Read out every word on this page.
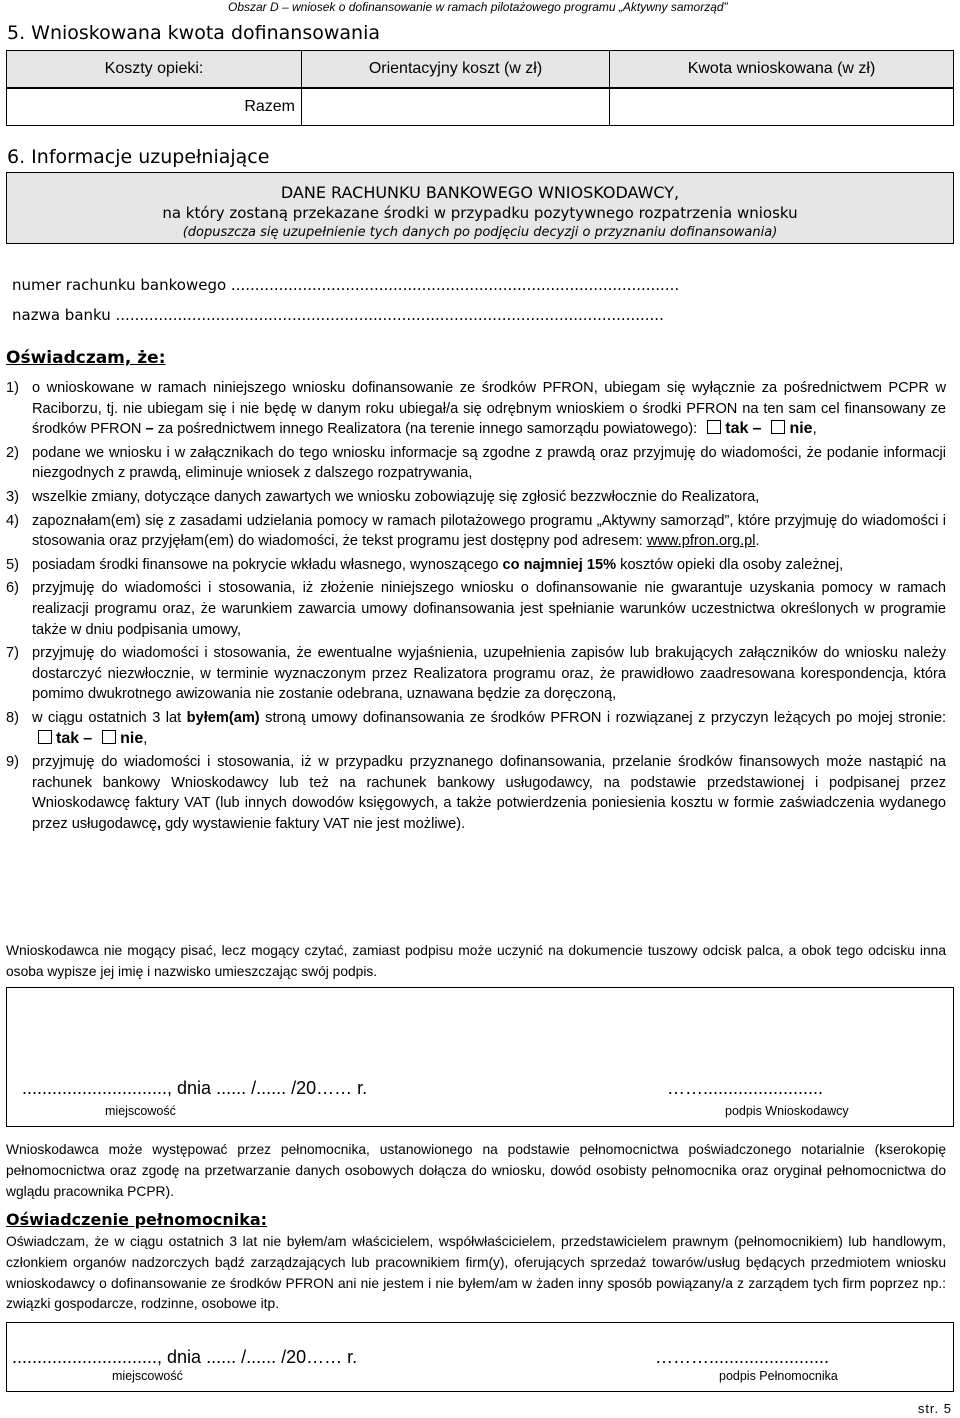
Obszar D – wniosek o dofinansowanie w ramach pilotażowego programu „Aktywny samorząd”
5. Wnioskowana kwota dofinansowania
Koszty opieki:	Orientacyjny koszt (w zł)	Kwota wnioskowana (w zł)
Razem		
6. Informacje uzupełniające
DANE RACHUNKU BANKOWEGO WNIOSKODAWCY,
na który zostaną przekazane środki w przypadku pozytywnego rozpatrzenia wniosku
(dopuszcza się uzupełnienie tych danych po podjęciu decyzji o przyznaniu dofinansowania)
numer rachunku bankowego ..............................................................................................
nazwa banku ...................................................................................................................
Oświadczam, że:
1) o wnioskowane w ramach niniejszego wniosku dofinansowanie ze środków PFRON, ubiegam się wyłącznie za pośrednictwem PCPR w Raciborzu, tj. nie ubiegam się i nie będę w danym roku ubiegał/a się odrębnym wnioskiem o środki PFRON na ten sam cel finansowany ze środków PFRON – za pośrednictwem innego Realizatora (na terenie innego samorządu powiatowego): tak – nie,
2) podane we wniosku i w załącznikach do tego wniosku informacje są zgodne z prawdą oraz przyjmuję do wiadomości, że podanie informacji niezgodnych z prawdą, eliminuje wniosek z dalszego rozpatrywania,
3) wszelkie zmiany, dotyczące danych zawartych we wniosku zobowiązuję się zgłosić bezzwłocznie do Realizatora,
4) zapoznałam(em) się z zasadami udzielania pomocy w ramach pilotażowego programu „Aktywny samorząd”, które przyjmuję do wiadomości i stosowania oraz przyjęłam(em) do wiadomości, że tekst programu jest dostępny pod adresem: www.pfron.org.pl.
5) posiadam środki finansowe na pokrycie wkładu własnego, wynoszącego co najmniej 15% kosztów opieki dla osoby zależnej,
6) przyjmuję do wiadomości i stosowania, iż złożenie niniejszego wniosku o dofinansowanie nie gwarantuje uzyskania pomocy w ramach realizacji programu oraz, że warunkiem zawarcia umowy dofinansowania jest spełnianie warunków uczestnictwa określonych w programie także w dniu podpisania umowy,
7) przyjmuję do wiadomości i stosowania, że ewentualne wyjaśnienia, uzupełnienia zapisów lub brakujących załączników do wniosku należy dostarczyć niezwłocznie, w terminie wyznaczonym przez Realizatora programu oraz, że prawidłowo zaadresowana korespondencja, która pomimo dwukrotnego awizowania nie zostanie odebrana, uznawana będzie za doręczoną,
8) w ciągu ostatnich 3 lat byłem(am) stroną umowy dofinansowania ze środków PFRON i rozwiązanej z przyczyn leżących po mojej stronie: tak – nie,
9) przyjmuję do wiadomości i stosowania, iż w przypadku przyznanego dofinansowania, przelanie środków finansowych może nastąpić na rachunek bankowy Wnioskodawcy lub też na rachunek bankowy usługodawcy, na podstawie przedstawionej i podpisanej przez Wnioskodawcę faktury VAT (lub innych dowodów księgowych, a także potwierdzenia poniesienia kosztu w formie zaświadczenia wydanego przez usługodawcę, gdy wystawienie faktury VAT nie jest możliwe).
Wnioskodawca nie mogący pisać, lecz mogący czytać, zamiast podpisu może uczynić na dokumencie tuszowy odcisk palca, a obok tego odcisku inna osoba wypisze jej imię i nazwisko umieszczając swój podpis.
............................., dnia ...... /...... /20…… r.	……........................
miejscowość	podpis Wnioskodawcy
Wnioskodawca może występować przez pełnomocnika, ustanowionego na podstawie pełnomocnictwa poświadczonego notarialnie (kserokopię pełnomocnictwa oraz zgodę na przetwarzanie danych osobowych dołącza do wniosku, dowód osobisty pełnomocnika oraz oryginał pełnomocnictwa do wglądu pracownika PCPR).
Oświadczenie pełnomocnika:
Oświadczam, że w ciągu ostatnich 3 lat nie byłem/am właścicielem, współwłaścicielem, przedstawicielem prawnym (pełnomocnikiem) lub handlowym, członkiem organów nadzorczych bądź zarządzających lub pracownikiem firm(y), oferujących sprzedaż towarów/usług będących przedmiotem wniosku wnioskodawcy o dofinansowanie ze środków PFRON ani nie jestem i nie byłem/am w żaden inny sposób powiązany/a z zarządem tych firm poprzez np.: związki gospodarcze, rodzinne, osobowe itp.
............................., dnia ...... /...... /20…… r.	………........................
miejscowość	podpis Pełnomocnika
str. 5
